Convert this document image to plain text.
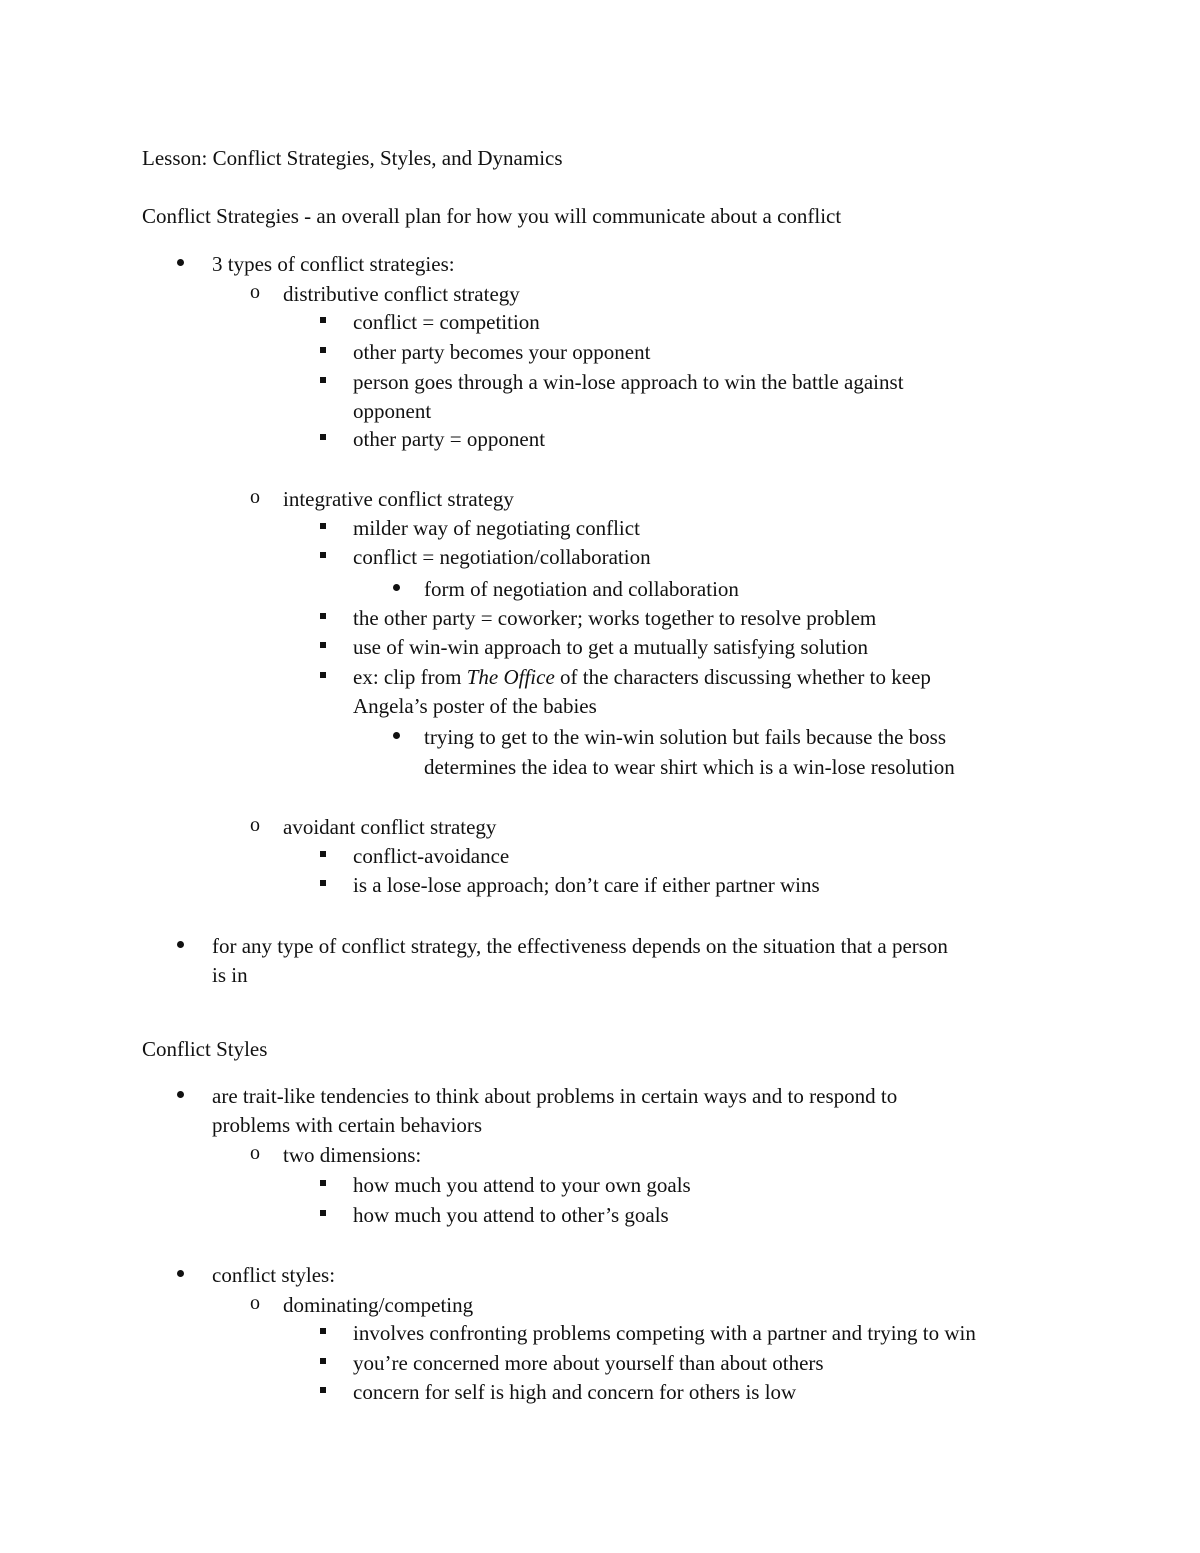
Lesson: Conflict Strategies, Styles, and Dynamics
Conflict Strategies - an overall plan for how you will communicate about a conflict
3 types of conflict strategies:
o distributive conflict strategy
conflict = competition
other party becomes your opponent
person goes through a win-lose approach to win the battle against
opponent
other party = opponent
o integrative conflict strategy
milder way of negotiating conflict
conflict = negotiation/collaboration
form of negotiation and collaboration
the other party = coworker; works together to resolve problem
use of win-win approach to get a mutually satisfying solution
ex: clip from The Office of the characters discussing whether to keep
Angela’s poster of the babies
trying to get to the win-win solution but fails because the boss
determines the idea to wear shirt which is a win-lose resolution
o avoidant conflict strategy
conflict-avoidance
is a lose-lose approach; don’t care if either partner wins
for any type of conflict strategy, the effectiveness depends on the situation that a person
is in
Conflict Styles
are trait-like tendencies to think about problems in certain ways and to respond to
problems with certain behaviors
o two dimensions:
how much you attend to your own goals
how much you attend to other’s goals
conflict styles:
o dominating/competing
involves confronting problems competing with a partner and trying to win
you’re concerned more about yourself than about others
concern for self is high and concern for others is low
